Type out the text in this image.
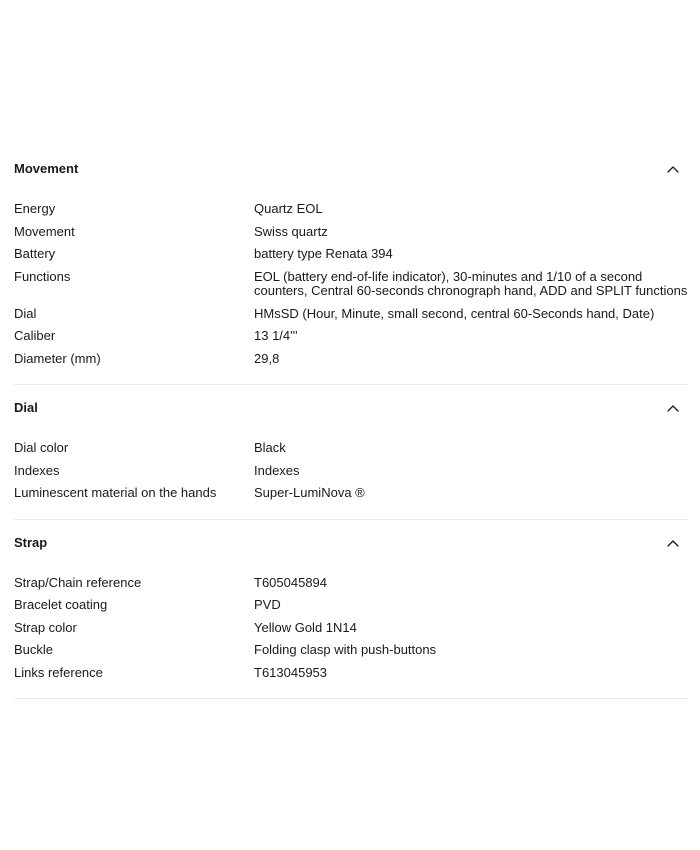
Movement
Energy	Quartz EOL
Movement	Swiss quartz
Battery	battery type Renata 394
Functions	EOL (battery end-of-life indicator), 30-minutes and 1/10 of a second counters, Central 60-seconds chronograph hand, ADD and SPLIT functions
Dial	HMsSD (Hour, Minute, small second, central 60-Seconds hand, Date)
Caliber	13 1/4'''
Diameter (mm)	29,8
Dial
Dial color	Black
Indexes	Indexes
Luminescent material on the hands	Super-LumiNova ®
Strap
Strap/Chain reference	T605045894
Bracelet coating	PVD
Strap color	Yellow Gold 1N14
Buckle	Folding clasp with push-buttons
Links reference	T613045953
